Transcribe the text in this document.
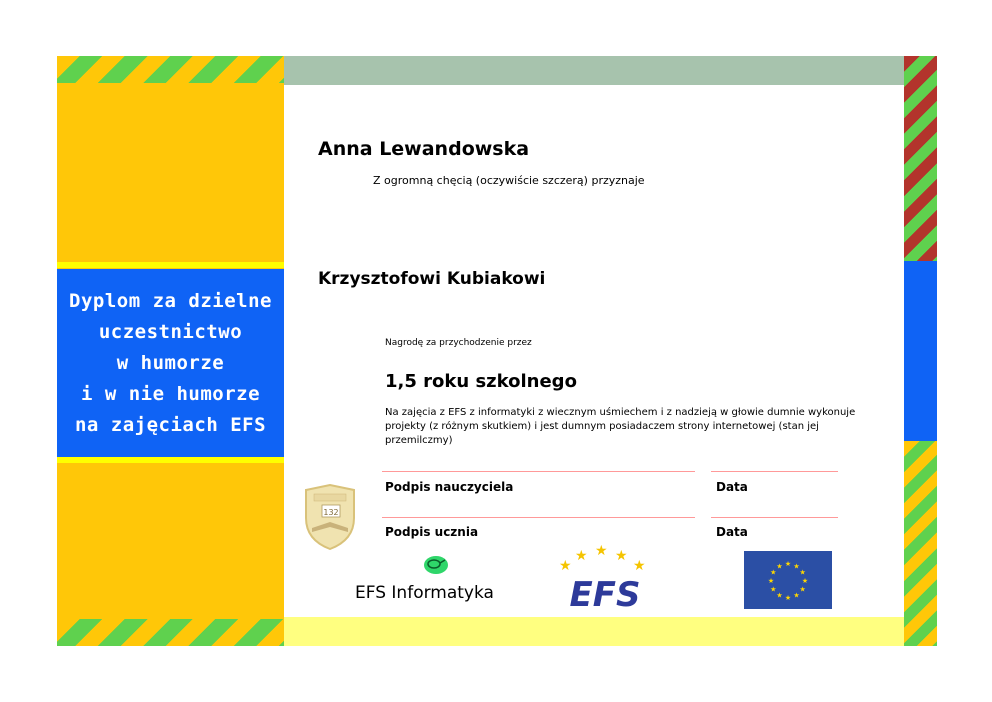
Dyplom za dzielne
uczestnictwo
w humorze
i w nie humorze
na zajęciach EFS

Anna Lewandowska

Z ogromną chęcią (oczywiście szczerą) przyznaje

Krzysztofowi Kubiakowi

Nagrodę za przychodzenie przez

1,5 roku szkolnego

Na zajęcia z EFS z informatyki z wiecznym uśmiechem i z nadzieją w głowie dumnie wykonuje projekty (z różnym skutkiem) i jest dumnym posiadaczem strony internetowej (stan jej przemilczmy)

Podpis nauczyciela	Data

Podpis ucznia	Data

132

EFS Informatyka

★
★ ★ ★
★
EFS
★ ★
★
★
★
★
★
★
★
★
★
★
